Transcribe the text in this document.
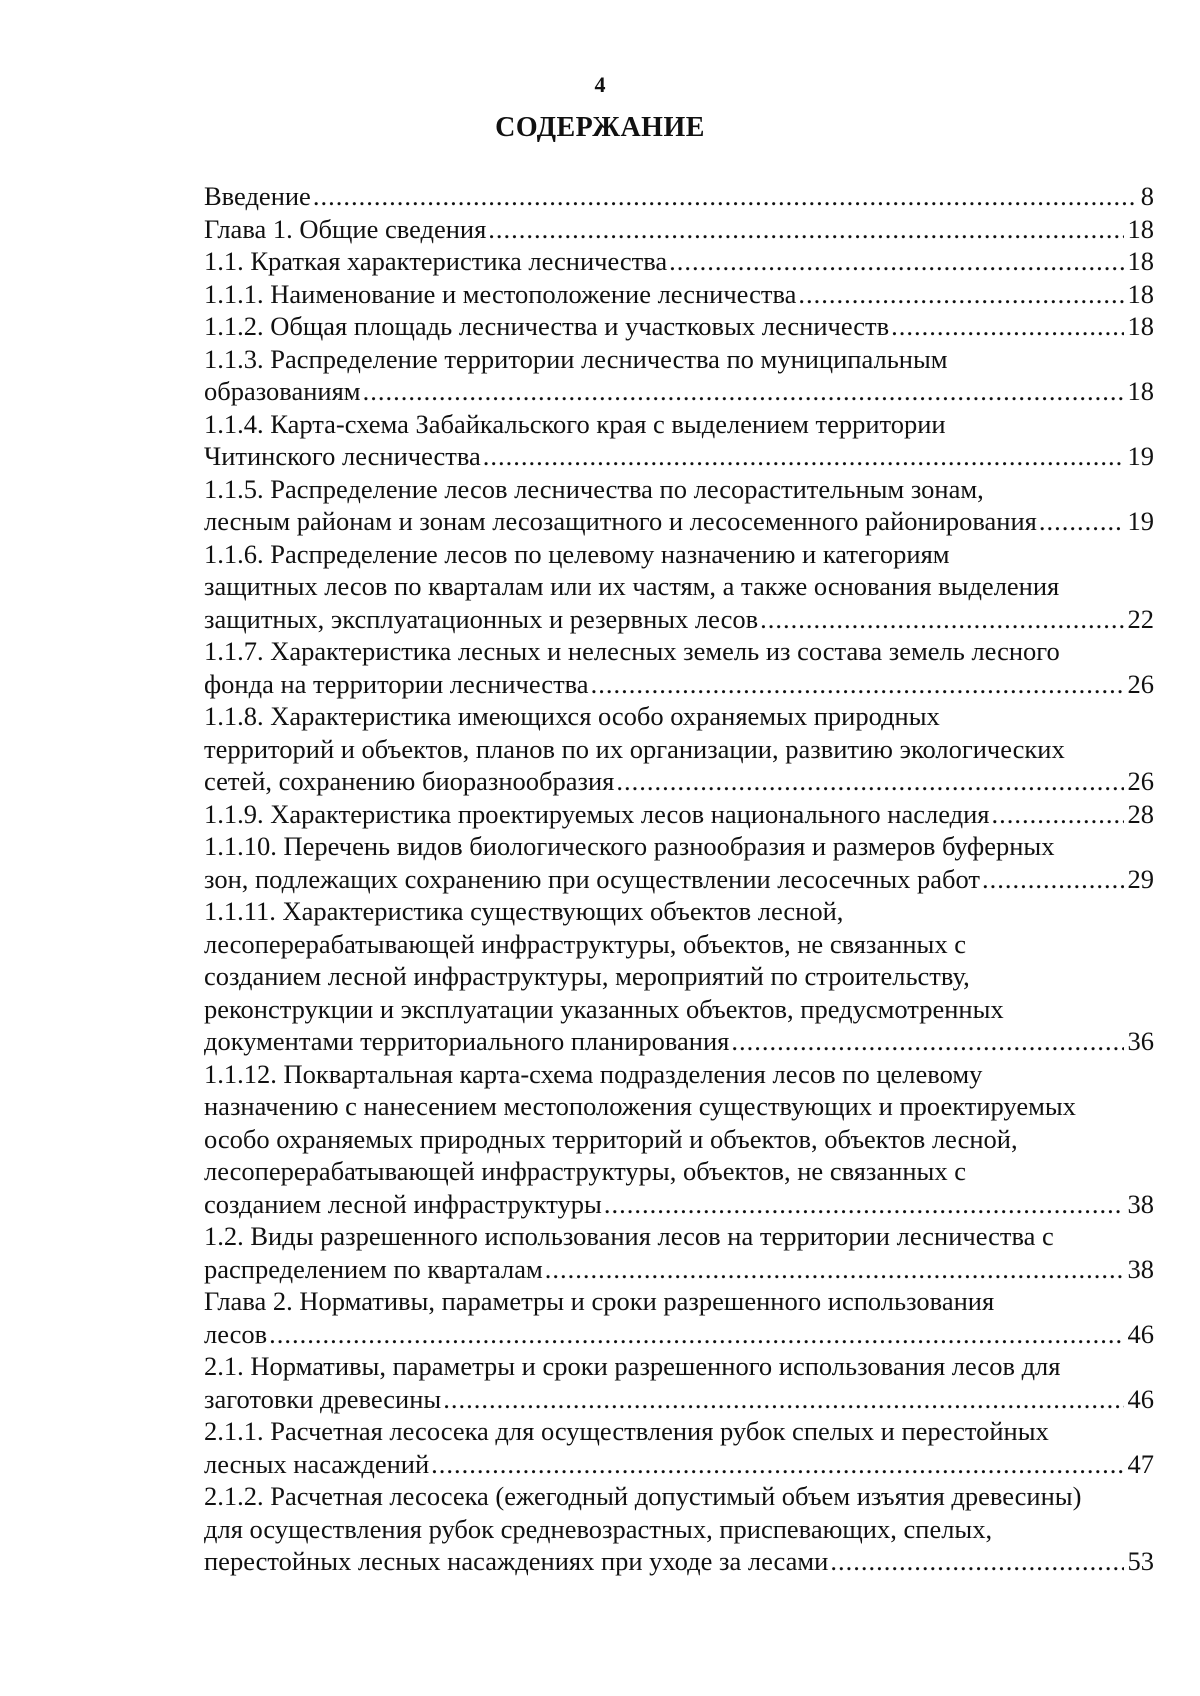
4
СОДЕРЖАНИЕ
Введение .....	8
Глава 1. Общие сведения .....	18
1.1. Краткая характеристика лесничества .....	18
1.1.1. Наименование и местоположение лесничества .....	18
1.1.2. Общая площадь лесничества и участковых лесничеств .....	18
1.1.3. Распределение территории лесничества по муниципальным
образованиям .....	18
1.1.4. Карта-схема Забайкальского края с выделением территории
Читинского лесничества .....	19
1.1.5. Распределение лесов лесничества по лесорастительным зонам,
лесным районам и зонам лесозащитного и лесосеменного районирования .....	19
1.1.6. Распределение лесов по целевому назначению и категориям
защитных лесов по кварталам или их частям, а также основания выделения
защитных, эксплуатационных и резервных лесов .....	22
1.1.7. Характеристика лесных и нелесных земель из состава земель лесного
фонда на территории лесничества .....	26
1.1.8. Характеристика имеющихся особо охраняемых природных
территорий и объектов, планов по их организации, развитию экологических
сетей, сохранению биоразнообразия .....	26
1.1.9. Характеристика проектируемых лесов национального наследия .....	28
1.1.10. Перечень видов биологического разнообразия и размеров буферных
зон, подлежащих сохранению при осуществлении лесосечных работ .....	29
1.1.11. Характеристика существующих объектов лесной,
лесоперерабатывающей инфраструктуры, объектов, не связанных с
созданием лесной инфраструктуры, мероприятий по строительству,
реконструкции и эксплуатации указанных объектов, предусмотренных
документами территориального планирования .....	36
1.1.12. Поквартальная карта-схема подразделения лесов по целевому
назначению с нанесением местоположения существующих и проектируемых
особо охраняемых природных территорий и объектов, объектов лесной,
лесоперерабатывающей инфраструктуры, объектов, не связанных с
созданием лесной инфраструктуры .....	38
1.2. Виды разрешенного использования лесов на территории лесничества с
распределением по кварталам .....	38
Глава 2. Нормативы, параметры и сроки разрешенного использования
лесов .....	46
2.1. Нормативы, параметры и сроки разрешенного использования лесов для
заготовки древесины .....	46
2.1.1. Расчетная лесосека для осуществления рубок спелых и перестойных
лесных насаждений .....	47
2.1.2. Расчетная лесосека (ежегодный допустимый объем изъятия древесины)
для осуществления рубок средневозрастных, приспевающих, спелых,
перестойных лесных насаждениях при уходе за лесами .....	53
